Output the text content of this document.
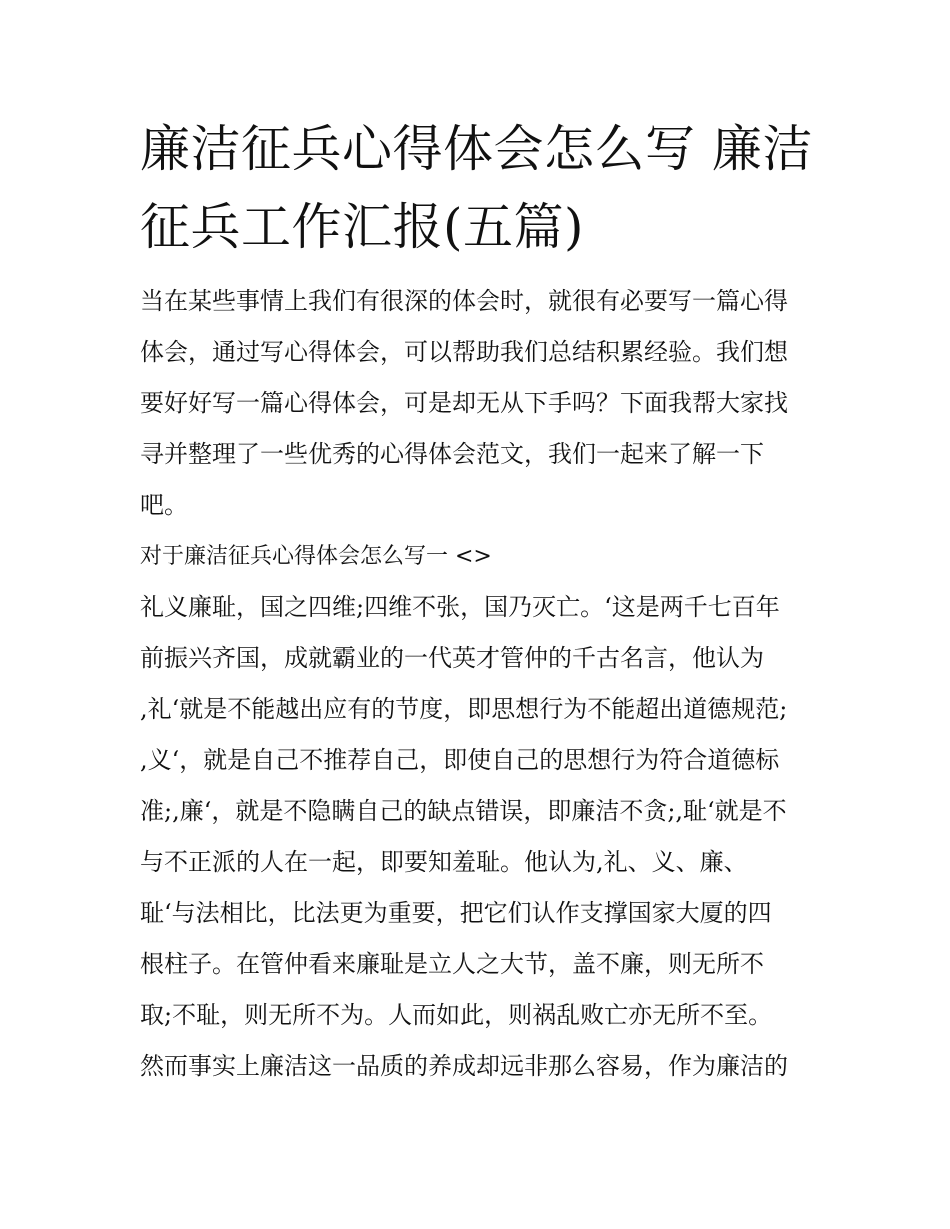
廉洁征兵心得体会怎么写 廉洁
征兵工作汇报(五篇)

当在某些事情上我们有很深的体会时，就很有必要写一篇心得
体会，通过写心得体会，可以帮助我们总结积累经验。我们想
要好好写一篇心得体会，可是却无从下手吗？下面我帮大家找
寻并整理了一些优秀的心得体会范文，我们一起来了解一下
吧。

对于廉洁征兵心得体会怎么写一 <>

礼义廉耻，国之四维;四维不张，国乃灭亡。‘这是两千七百年
前振兴齐国，成就霸业的一代英才管仲的千古名言，他认为
,礼‘就是不能越出应有的节度，即思想行为不能超出道德规范;
,义‘，就是自己不推荐自己，即使自己的思想行为符合道德标
准;,廉‘，就是不隐瞒自己的缺点错误，即廉洁不贪;,耻‘就是不
与不正派的人在一起，即要知羞耻。他认为,礼、义、廉、
耻‘与法相比，比法更为重要，把它们认作支撑国家大厦的四
根柱子。在管仲看来廉耻是立人之大节，盖不廉，则无所不
取;不耻，则无所不为。人而如此，则祸乱败亡亦无所不至。
然而事实上廉洁这一品质的养成却远非那么容易，作为廉洁的
